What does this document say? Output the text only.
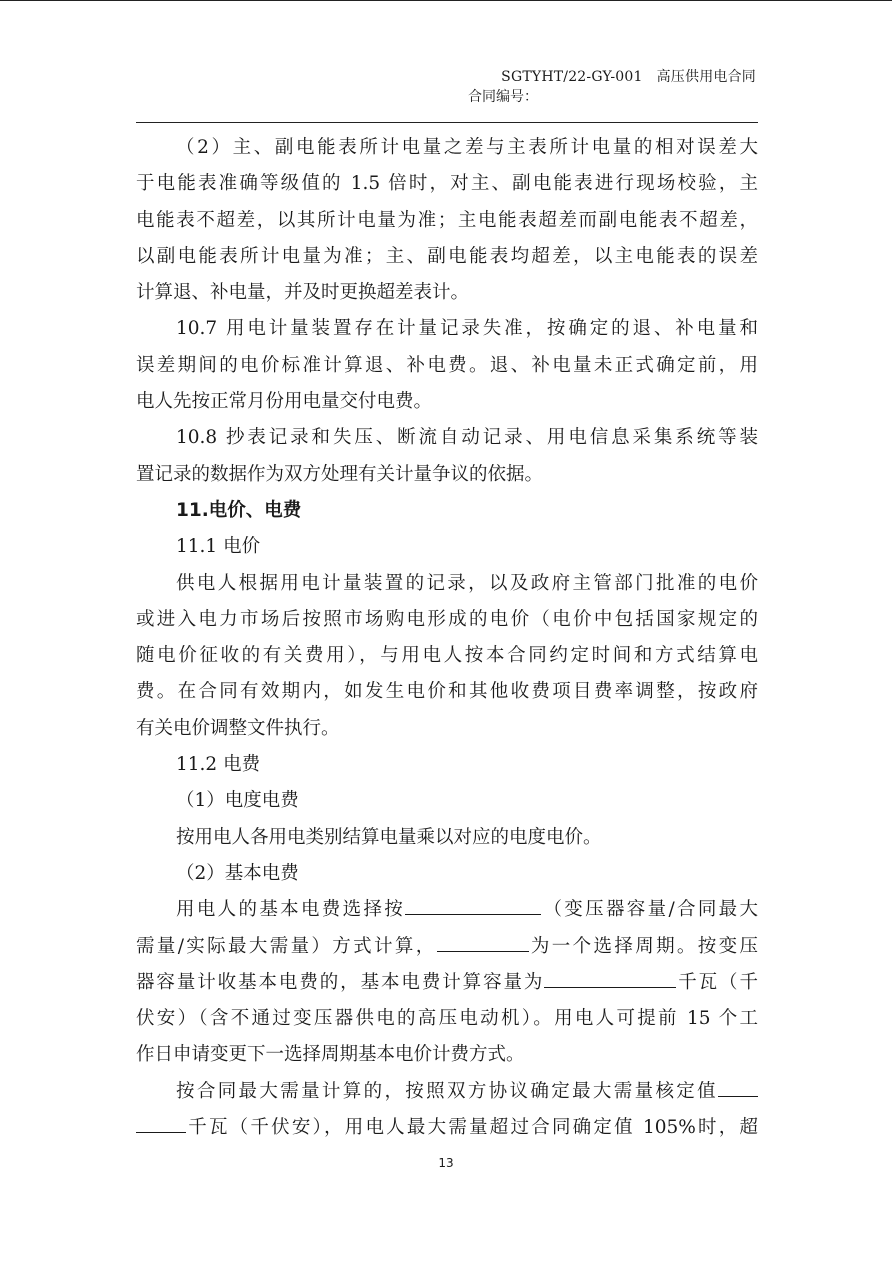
SGTYHT/22-GY-001 高压供用电合同
合同编号：

（2）主、副电能表所计电量之差与主表所计电量的相对误差大

于电能表准确等级值的 1.5 倍时，对主、副电能表进行现场校验，主

电能表不超差，以其所计电量为准；主电能表超差而副电能表不超差，

以副电能表所计电量为准；主、副电能表均超差，以主电能表的误差

计算退、补电量，并及时更换超差表计。

10.7 用电计量装置存在计量记录失准，按确定的退、补电量和

误差期间的电价标准计算退、补电费。退、补电量未正式确定前，用

电人先按正常月份用电量交付电费。

10.8 抄表记录和失压、断流自动记录、用电信息采集系统等装

置记录的数据作为双方处理有关计量争议的依据。

11.电价、电费

11.1 电价

供电人根据用电计量装置的记录，以及政府主管部门批准的电价

或进入电力市场后按照市场购电形成的电价（电价中包括国家规定的

随电价征收的有关费用），与用电人按本合同约定时间和方式结算电

费。在合同有效期内，如发生电价和其他收费项目费率调整，按政府

有关电价调整文件执行。

11.2 电费

（1）电度电费

按用电人各用电类别结算电量乘以对应的电度电价。

（2）基本电费

用电人的基本电费选择按	（变压器容量/合同最大

需量/实际最大需量）方式计算，	为一个选择周期。按变压

器容量计收基本电费的，基本电费计算容量为	千瓦（千

伏安）（含不通过变压器供电的高压电动机）。用电人可提前 15 个工

作日申请变更下一选择周期基本电价计费方式。

按合同最大需量计算的，按照双方协议确定最大需量核定值

千瓦（千伏安），用电人最大需量超过合同确定值 105%时，超

13
